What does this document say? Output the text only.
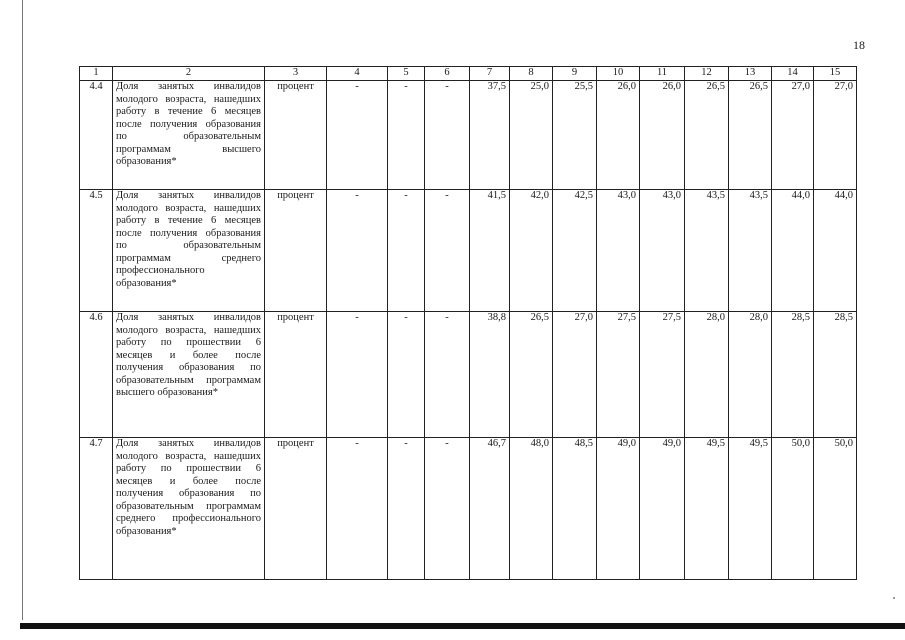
18
1	2	3	4	5	6	7	8	9	10	11	12	13	14	15
4.4	Доля занятых инвалидов молодого возраста, нашедших работу в течение 6 месяцев после получения образования по образовательным программам высшего образования*	процент	-	-	-	37,5	25,0	25,5	26,0	26,0	26,5	26,5	27,0	27,0
4.5	Доля занятых инвалидов молодого возраста, нашедших работу в течение 6 месяцев после получения образования по образовательным программам среднего профессионального образования*	процент	-	-	-	41,5	42,0	42,5	43,0	43,0	43,5	43,5	44,0	44,0
4.6	Доля занятых инвалидов молодого возраста, нашедших работу по прошествии 6 месяцев и более после получения образования по образовательным программам высшего образования*	процент	-	-	-	38,8	26,5	27,0	27,5	27,5	28,0	28,0	28,5	28,5
4.7	Доля занятых инвалидов молодого возраста, нашедших работу по прошествии 6 месяцев и более после получения образования по образовательным программам среднего профессионального образования*	процент	-	-	-	46,7	48,0	48,5	49,0	49,0	49,5	49,5	50,0	50,0
